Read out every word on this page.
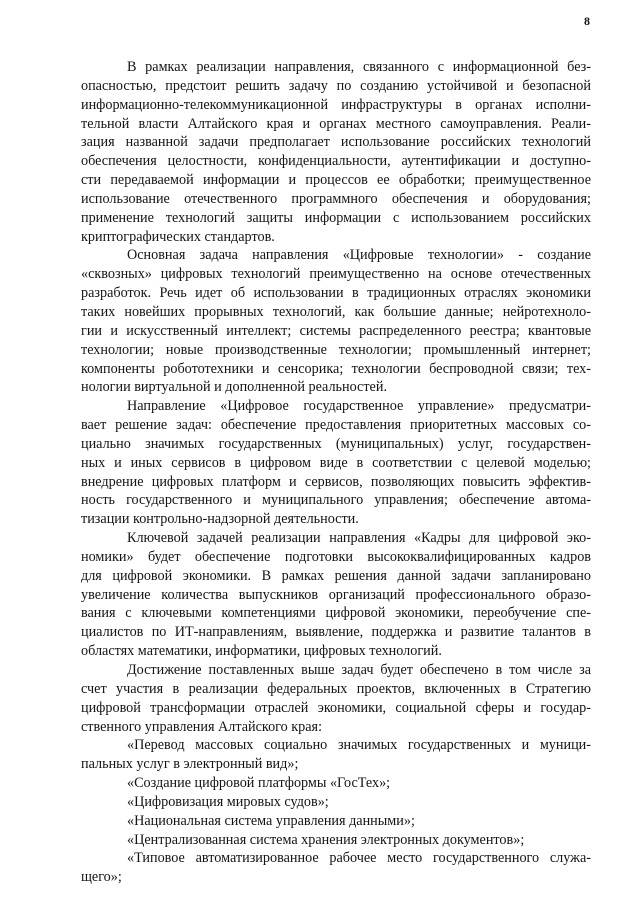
8
В рамках реализации направления, связанного с информационной без-
опасностью, предстоит решить задачу по созданию устойчивой и безопасной
информационно-телекоммуникационной инфраструктуры в органах исполни-
тельной власти Алтайского края и органах местного самоуправления. Реали-
зация названной задачи предполагает использование российских технологий
обеспечения целостности, конфиденциальности, аутентификации и доступно-
сти передаваемой информации и процессов ее обработки; преимущественное
использование отечественного программного обеспечения и оборудования;
применение технологий защиты информации с использованием российских
криптографических стандартов.
Основная задача направления «Цифровые технологии» - создание
«сквозных» цифровых технологий преимущественно на основе отечественных
разработок. Речь идет об использовании в традиционных отраслях экономики
таких новейших прорывных технологий, как большие данные; нейротехноло-
гии и искусственный интеллект; системы распределенного реестра; квантовые
технологии; новые производственные технологии; промышленный интернет;
компоненты робототехники и сенсорика; технологии беспроводной связи; тех-
нологии виртуальной и дополненной реальностей.
Направление «Цифровое государственное управление» предусматри-
вает решение задач: обеспечение предоставления приоритетных массовых со-
циально значимых государственных (муниципальных) услуг, государствен-
ных и иных сервисов в цифровом виде в соответствии с целевой моделью;
внедрение цифровых платформ и сервисов, позволяющих повысить эффектив-
ность государственного и муниципального управления; обеспечение автома-
тизации контрольно-надзорной деятельности.
Ключевой задачей реализации направления «Кадры для цифровой эко-
номики» будет обеспечение подготовки высококвалифицированных кадров
для цифровой экономики. В рамках решения данной задачи запланировано
увеличение количества выпускников организаций профессионального образо-
вания с ключевыми компетенциями цифровой экономики, переобучение спе-
циалистов по ИТ-направлениям, выявление, поддержка и развитие талантов в
областях математики, информатики, цифровых технологий.
Достижение поставленных выше задач будет обеспечено в том числе за
счет участия в реализации федеральных проектов, включенных в Стратегию
цифровой трансформации отраслей экономики, социальной сферы и государ-
ственного управления Алтайского края:
«Перевод массовых социально значимых государственных и муници-
пальных услуг в электронный вид»;
«Создание цифровой платформы «ГосТех»;
«Цифровизация мировых судов»;
«Национальная система управления данными»;
«Централизованная система хранения электронных документов»;
«Типовое автоматизированное рабочее место государственного служа-
щего»;
